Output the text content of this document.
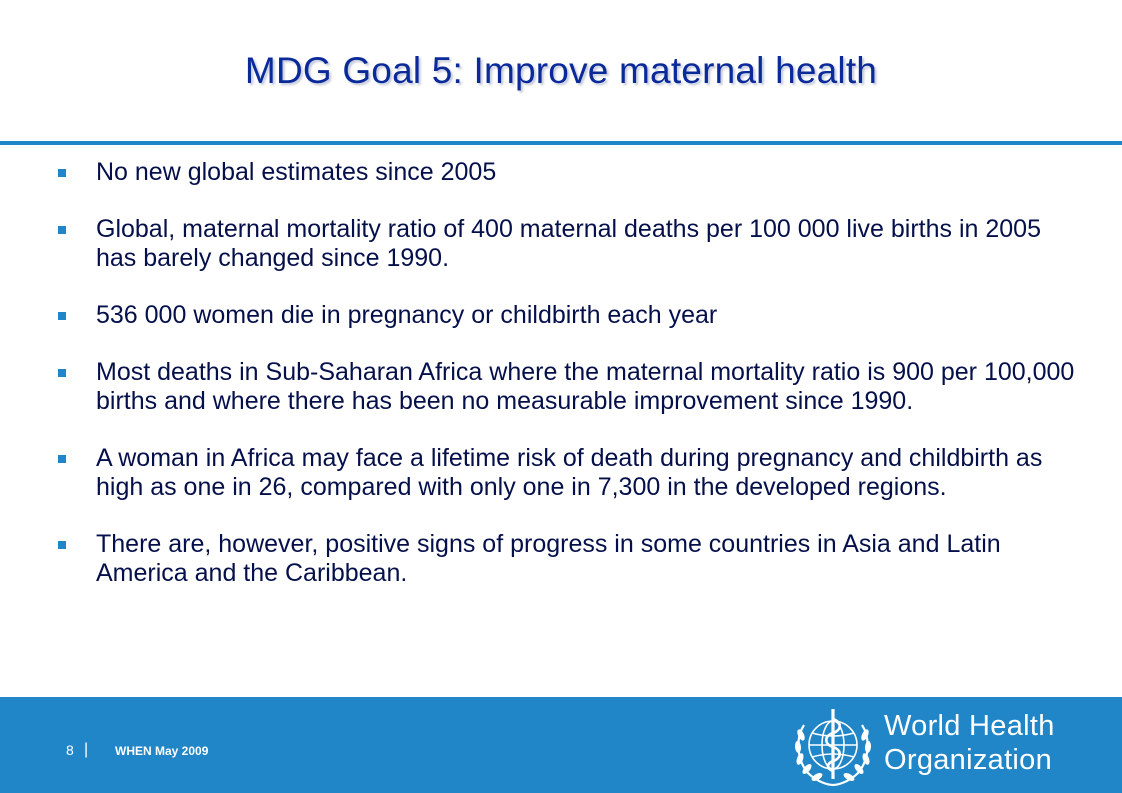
MDG Goal 5: Improve maternal health
No new global estimates since 2005
Global, maternal mortality ratio of 400 maternal deaths per 100 000 live births in 2005 has barely changed since 1990.
536 000 women die in pregnancy or childbirth each year
Most deaths in Sub-Saharan Africa where the maternal mortality ratio is 900 per 100,000 births and where there has been no measurable improvement since 1990.
A woman in Africa may face a lifetime risk of death during pregnancy and childbirth as high as one in 26, compared with only one in 7,300 in the developed regions.
There are, however, positive signs of progress in some countries in Asia and Latin America and the Caribbean.
8 | WHEN May 2009
World Health
Organization
